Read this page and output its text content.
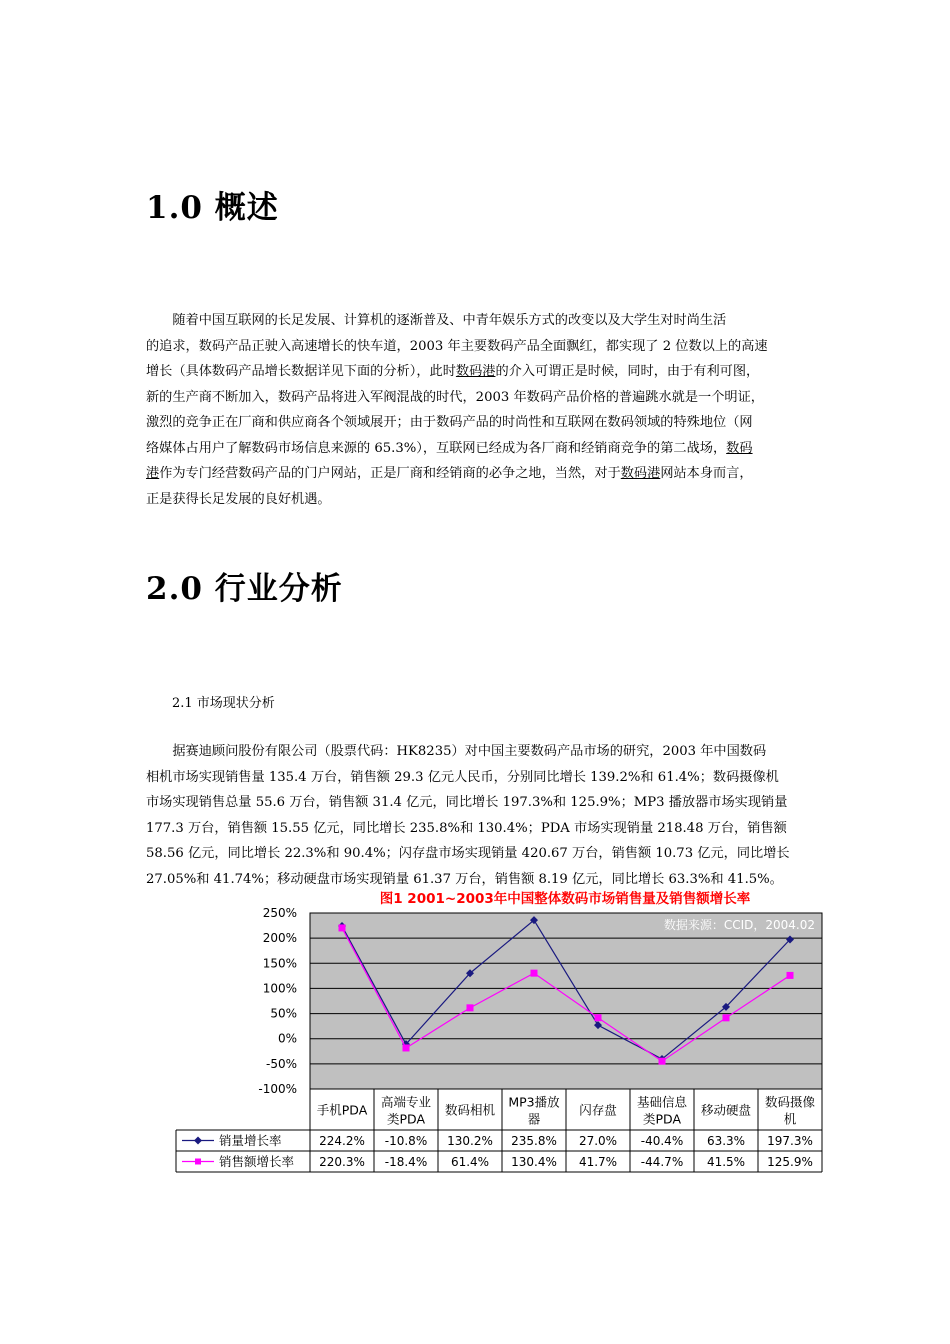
1.0 概述
　　随着中国互联网的长足发展、计算机的逐渐普及、中青年娱乐方式的改变以及大学生对时尚生活
的追求，数码产品正驶入高速增长的快车道，2003 年主要数码产品全面飘红，都实现了 2 位数以上的高速
增长（具体数码产品增长数据详见下面的分析），此时数码港的介入可谓正是时候，同时，由于有利可图，
新的生产商不断加入，数码产品将进入军阀混战的时代，2003 年数码产品价格的普遍跳水就是一个明证，
激烈的竞争正在厂商和供应商各个领域展开；由于数码产品的时尚性和互联网在数码领域的特殊地位（网
络媒体占用户了解数码市场信息来源的 65.3%），互联网已经成为各厂商和经销商竞争的第二战场，数码
港作为专门经营数码产品的门户网站，正是厂商和经销商的必争之地，当然，对于数码港网站本身而言，
正是获得长足发展的良好机遇。
2.0 行业分析
2.1 市场现状分析
　　据赛迪顾问股份有限公司（股票代码：HK8235）对中国主要数码产品市场的研究，2003 年中国数码
相机市场实现销售量 135.4 万台，销售额 29.3 亿元人民币，分别同比增长 139.2%和 61.4%；数码摄像机
市场实现销售总量 55.6 万台，销售额 31.4 亿元，同比增长 197.3%和 125.9%；MP3 播放器市场实现销量
177.3 万台，销售额 15.55 亿元，同比增长 235.8%和 130.4%；PDA 市场实现销量 218.48 万台，销售额
58.56 亿元，同比增长 22.3%和 90.4%；闪存盘市场实现销量 420.67 万台，销售额 10.73 亿元，同比增长
27.05%和 41.74%；移动硬盘市场实现销量 61.37 万台，销售额 8.19 亿元，同比增长 63.3%和 41.5%。
图1 2001~2003年中国整体数码市场销售量及销售额增长率
数据来源：CCID，2004.02
250%
200%
150%
100%
50%
0%
-50%
-100%
手机PDA
高端专业
类PDA
数码相机
MP3播放
器
闪存盘
基础信息
类PDA
移动硬盘
数码摄像
机
销量增长率	224.2% -10.8% 130.2% 235.8% 27.0% -40.4% 63.3% 197.3%
销售额增长率 220.3% -18.4% 61.4% 130.4% 41.7% -44.7% 41.5% 125.9%
